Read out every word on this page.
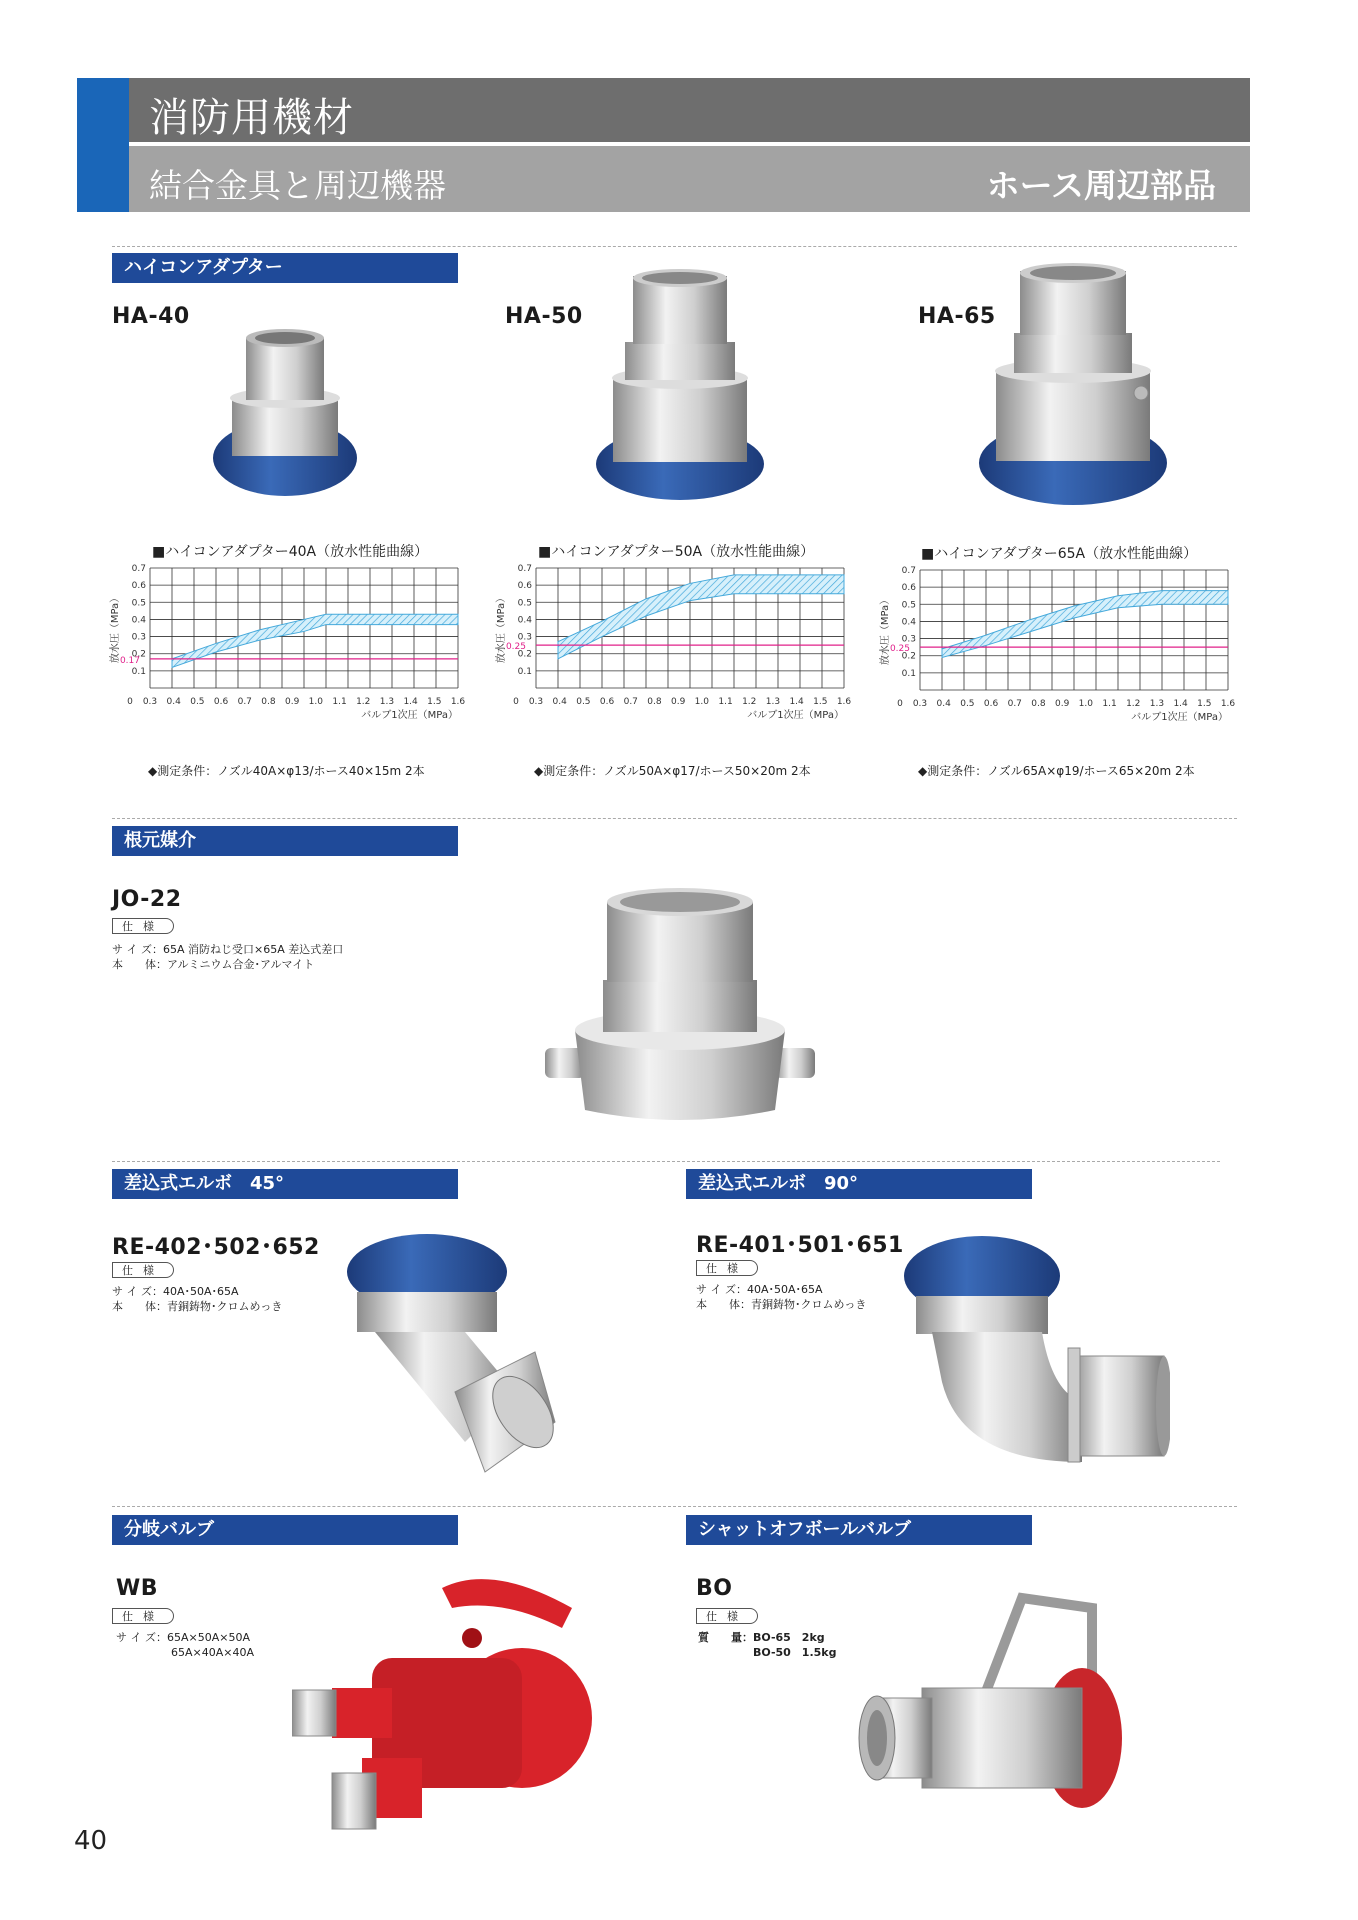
消防用機材
結合金具と周辺機器	ホース周辺部品
ハイコンアダプター
HA-40	HA-50	HA-65
■ハイコンアダプター40A（放水性能曲線）	■ハイコンアダプター50A（放水性能曲線）	■ハイコンアダプター65A（放水性能曲線）
0.17
0.7
0.6
0.5
0.4
0.3
0.2
0.1
0 0.3 0.4 0.5 0.6 0.7 0.8 0.9 1.0 1.1 1.2 1.3 1.4 1.5 1.6
バルブ1次圧（MPa）
放水圧（MPa）	0.25
0.7
0.6
0.5
0.4
0.3
0.2
0.1
0 0.3 0.4 0.5 0.6 0.7 0.8 0.9 1.0 1.1 1.2 1.3 1.4 1.5 1.6
バルブ1次圧（MPa）
放水圧（MPa）	0.25
0.7
0.6
0.5
0.4
0.3
0.2
0.1
0 0.3 0.4 0.5 0.6 0.7 0.8 0.9 1.0 1.1 1.2 1.3 1.4 1.5 1.6
バルブ1次圧（MPa）
放水圧（MPa）
◆測定条件：ノズル40A×φ13/ホース40×15m 2本	◆測定条件：ノズル50A×φ17/ホース50×20m 2本	◆測定条件：ノズル65A×φ19/ホース65×20m 2本
根元媒介
JO-22
仕様
サ イ ズ：65A 消防ねじ受口×65A 差込式差口
本　　体：アルミニウム合金･アルマイト
差込式エルボ　45°	差込式エルボ　90°
RE-402･502･652
仕様
サ イ ズ：40A･50A･65A
本　　体：青銅鋳物･クロムめっき
RE-401･501･651
仕様
サ イ ズ：40A･50A･65A
本　　体：青銅鋳物･クロムめっき
分岐バルブ	シャットオフボールバルブ
WB
仕様
サ イ ズ：65A×50A×50A
　　　　　65A×40A×40A
BO
仕様
質　　量：BO-65　2kg
　　　　　BO-50　1.5kg
40
